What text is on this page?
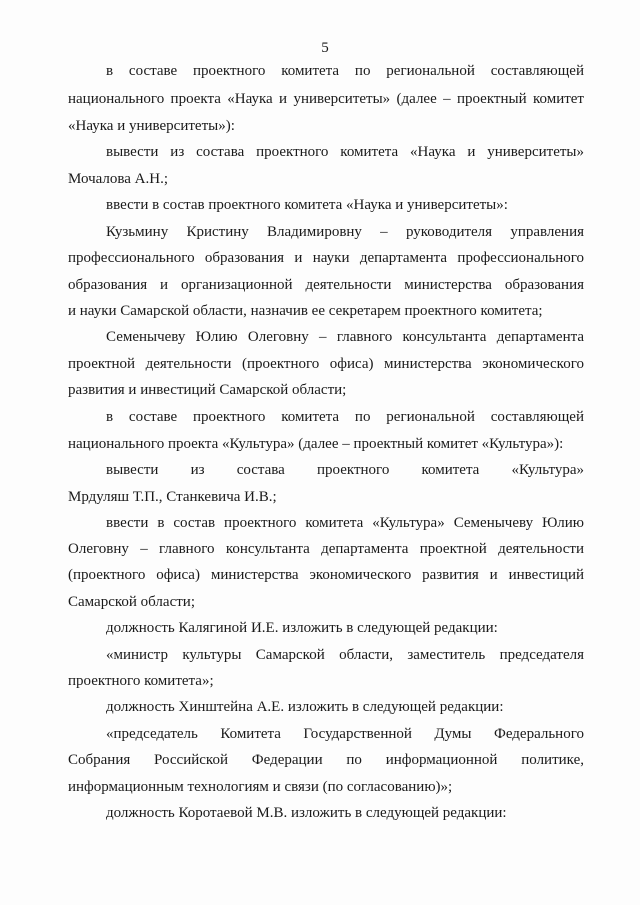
5
в составе проектного комитета по региональной составляющей
национального проекта «Наука и университеты» (далее – проектный комитет
«Наука и университеты»):
вывести из состава проектного комитета «Наука и университеты»
Мочалова А.Н.;
ввести в состав проектного комитета «Наука и университеты»:
Кузьмину Кристину Владимировну – руководителя управления
профессионального образования и науки департамента профессионального
образования и организационной деятельности министерства образования
и науки Самарской области, назначив ее секретарем проектного комитета;
Семенычеву Юлию Олеговну – главного консультанта департамента
проектной деятельности (проектного офиса) министерства экономического
развития и инвестиций Самарской области;
в составе проектного комитета по региональной составляющей
национального проекта «Культура» (далее – проектный комитет «Культура»):
вывести из состава проектного комитета «Культура»
Мрдуляш Т.П., Станкевича И.В.;
ввести в состав проектного комитета «Культура» Семенычеву Юлию
Олеговну – главного консультанта департамента проектной деятельности
(проектного офиса) министерства экономического развития и инвестиций
Самарской области;
должность Калягиной И.Е. изложить в следующей редакции:
«министр культуры Самарской области, заместитель председателя
проектного комитета»;
должность Хинштейна А.Е. изложить в следующей редакции:
«председатель Комитета Государственной Думы Федерального
Собрания Российской Федерации по информационной политике,
информационным технологиям и связи (по согласованию)»;
должность Коротаевой М.В. изложить в следующей редакции:
